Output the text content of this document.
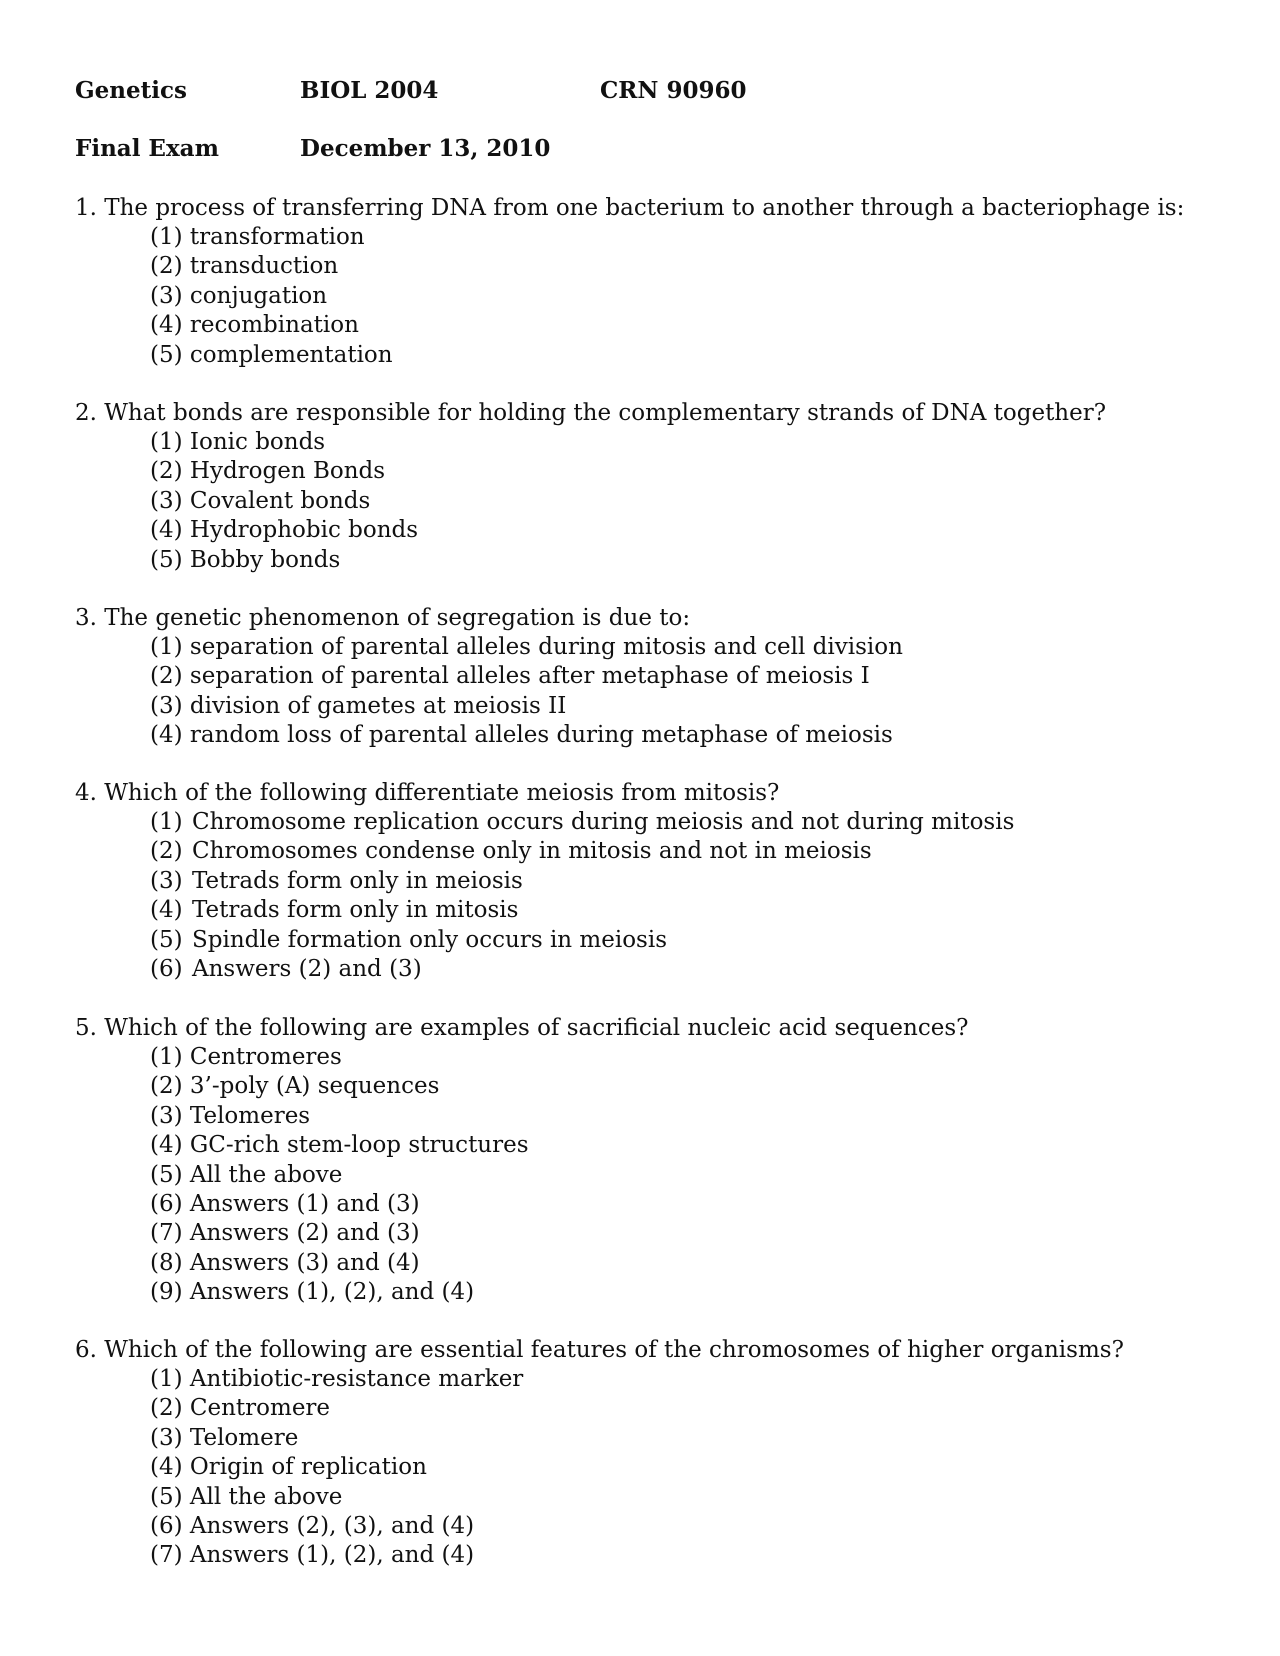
Genetics	BIOL 2004	CRN 90960
Final Exam	December 13, 2010
1. The process of transferring DNA from one bacterium to another through a bacteriophage is:
(1) transformation
(2) transduction
(3) conjugation
(4) recombination
(5) complementation
2. What bonds are responsible for holding the complementary strands of DNA together?
(1) Ionic bonds
(2) Hydrogen Bonds
(3) Covalent bonds
(4) Hydrophobic bonds
(5) Bobby bonds
3. The genetic phenomenon of segregation is due to:
(1) separation of parental alleles during mitosis and cell division
(2) separation of parental alleles after metaphase of meiosis I
(3) division of gametes at meiosis II
(4) random loss of parental alleles during metaphase of meiosis
4. Which of the following differentiate meiosis from mitosis?
(1) Chromosome replication occurs during meiosis and not during mitosis
(2) Chromosomes condense only in mitosis and not in meiosis
(3) Tetrads form only in meiosis
(4) Tetrads form only in mitosis
(5) Spindle formation only occurs in meiosis
(6) Answers (2) and (3)
5. Which of the following are examples of sacrificial nucleic acid sequences?
(1) Centromeres
(2) 3’-poly (A) sequences
(3) Telomeres
(4) GC-rich stem-loop structures
(5) All the above
(6) Answers (1) and (3)
(7) Answers (2) and (3)
(8) Answers (3) and (4)
(9) Answers (1), (2), and (4)
6. Which of the following are essential features of the chromosomes of higher organisms?
(1) Antibiotic-resistance marker
(2) Centromere
(3) Telomere
(4) Origin of replication
(5) All the above
(6) Answers (2), (3), and (4)
(7) Answers (1), (2), and (4)
